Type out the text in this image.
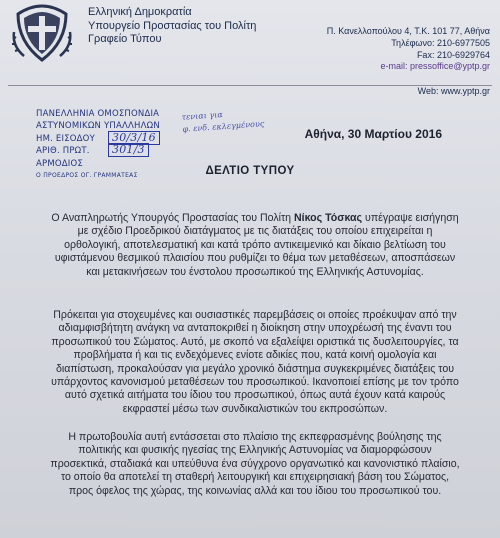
Ελληνική Δημοκρατία
Υπουργείο Προστασίας του Πολίτη
Γραφείο Τύπου
Π. Κανελλοπούλου 4, Τ.Κ. 101 77, Αθήνα
Τηλέφωνο: 210-6977505
Fax: 210-6929764
e-mail: pressoffice@yptp.gr
Web: www.yptp.gr
ΠΑΝΕΛΛΗΝΙΑ ΟΜΟΣΠΟΝΔΙΑ
ΑΣΤΥΝΟΜΙΚΩΝ ΥΠΑΛΛΗΛΩΝ
ΗΜ. ΕΙΣΟΔΟΥ	30/3/16
ΑΡΙΘ. ΠΡΩΤ.	301/3
ΑΡΜΟΔΙΟΣ
Ο ΠΡΟΕΔΡΟΣ ΟΓ. ΓΡΑΜΜΑΤΕΑΣ
τενιαι για
φ. ενδ. εκλεγμένους
Αθήνα, 30 Μαρτίου 2016
ΔΕΛΤΙΟ ΤΥΠΟΥ
Ο Αναπληρωτής Υπουργός Προστασίας του Πολίτη Νίκος Τόσκας υπέγραψε εισήγηση με σχέδιο Προεδρικού διατάγματος με τις διατάξεις του οποίου επιχειρείται η ορθολογική, αποτελεσματική και κατά τρόπο αντικειμενικό και δίκαιο βελτίωση του υφιστάμενου θεσμικού πλαισίου που ρυθμίζει το θέμα των μεταθέσεων, αποσπάσεων και μετακινήσεων του ένστολου προσωπικού της Ελληνικής Αστυνομίας.
Πρόκειται για στοχευμένες και ουσιαστικές παρεμβάσεις οι οποίες προέκυψαν από την αδιαμφισβήτητη ανάγκη να ανταποκριθεί η διοίκηση στην υποχρέωσή της έναντι του προσωπικού του Σώματος. Αυτό, με σκοπό να εξαλείψει οριστικά τις δυσλειτουργίες, τα προβλήματα ή και τις ενδεχόμενες ενίοτε αδικίες που, κατά κοινή ομολογία και διαπίστωση, προκαλούσαν για μεγάλο χρονικό διάστημα συγκεκριμένες διατάξεις του υπάρχοντος κανονισμού μεταθέσεων του προσωπικού. Ικανοποιεί επίσης με τον τρόπο αυτό σχετικά αιτήματα του ίδιου του προσωπικού, όπως αυτά έχουν κατά καιρούς εκφραστεί μέσω των συνδικαλιστικών του εκπροσώπων.
Η πρωτοβουλία αυτή εντάσσεται στο πλαίσιο της εκπεφρασμένης βούλησης της πολιτικής και φυσικής ηγεσίας της Ελληνικής Αστυνομίας να διαμορφώσουν προσεκτικά, σταδιακά και υπεύθυνα ένα σύγχρονο οργανωτικό και κανονιστικό πλαίσιο, το οποίο θα αποτελεί τη σταθερή λειτουργική και επιχειρησιακή βάση του Σώματος, προς όφελος της χώρας, της κοινωνίας αλλά και του ίδιου του προσωπικού του.
